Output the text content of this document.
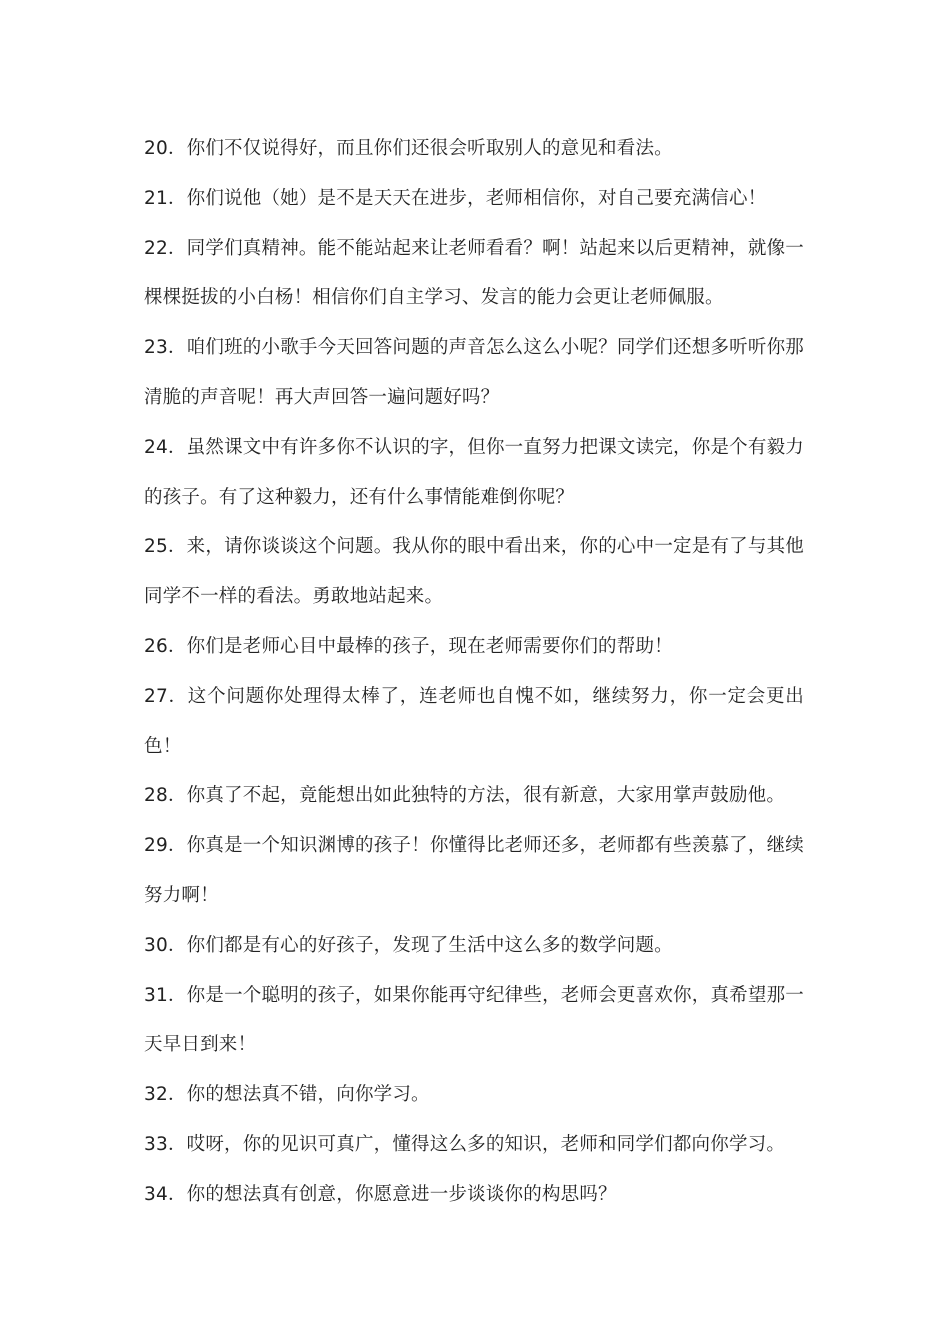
20．你们不仅说得好，而且你们还很会听取别人的意见和看法。

21．你们说他（她）是不是天天在进步，老师相信你，对自己要充满信心！

22．同学们真精神。能不能站起来让老师看看？啊！站起来以后更精神，就像一棵棵挺拔的小白杨！相信你们自主学习、发言的能力会更让老师佩服。

23．咱们班的小歌手今天回答问题的声音怎么这么小呢？同学们还想多听听你那清脆的声音呢！再大声回答一遍问题好吗？

24．虽然课文中有许多你不认识的字，但你一直努力把课文读完，你是个有毅力的孩子。有了这种毅力，还有什么事情能难倒你呢？

25．来，请你谈谈这个问题。我从你的眼中看出来，你的心中一定是有了与其他同学不一样的看法。勇敢地站起来。

26．你们是老师心目中最棒的孩子，现在老师需要你们的帮助！

27．这个问题你处理得太棒了，连老师也自愧不如，继续努力，你一定会更出色！

28．你真了不起，竟能想出如此独特的方法，很有新意，大家用掌声鼓励他。

29．你真是一个知识渊博的孩子！你懂得比老师还多，老师都有些羡慕了，继续努力啊！

30．你们都是有心的好孩子，发现了生活中这么多的数学问题。

31．你是一个聪明的孩子，如果你能再守纪律些，老师会更喜欢你，真希望那一天早日到来！

32．你的想法真不错，向你学习。

33．哎呀，你的见识可真广，懂得这么多的知识，老师和同学们都向你学习。

34．你的想法真有创意，你愿意进一步谈谈你的构思吗？
